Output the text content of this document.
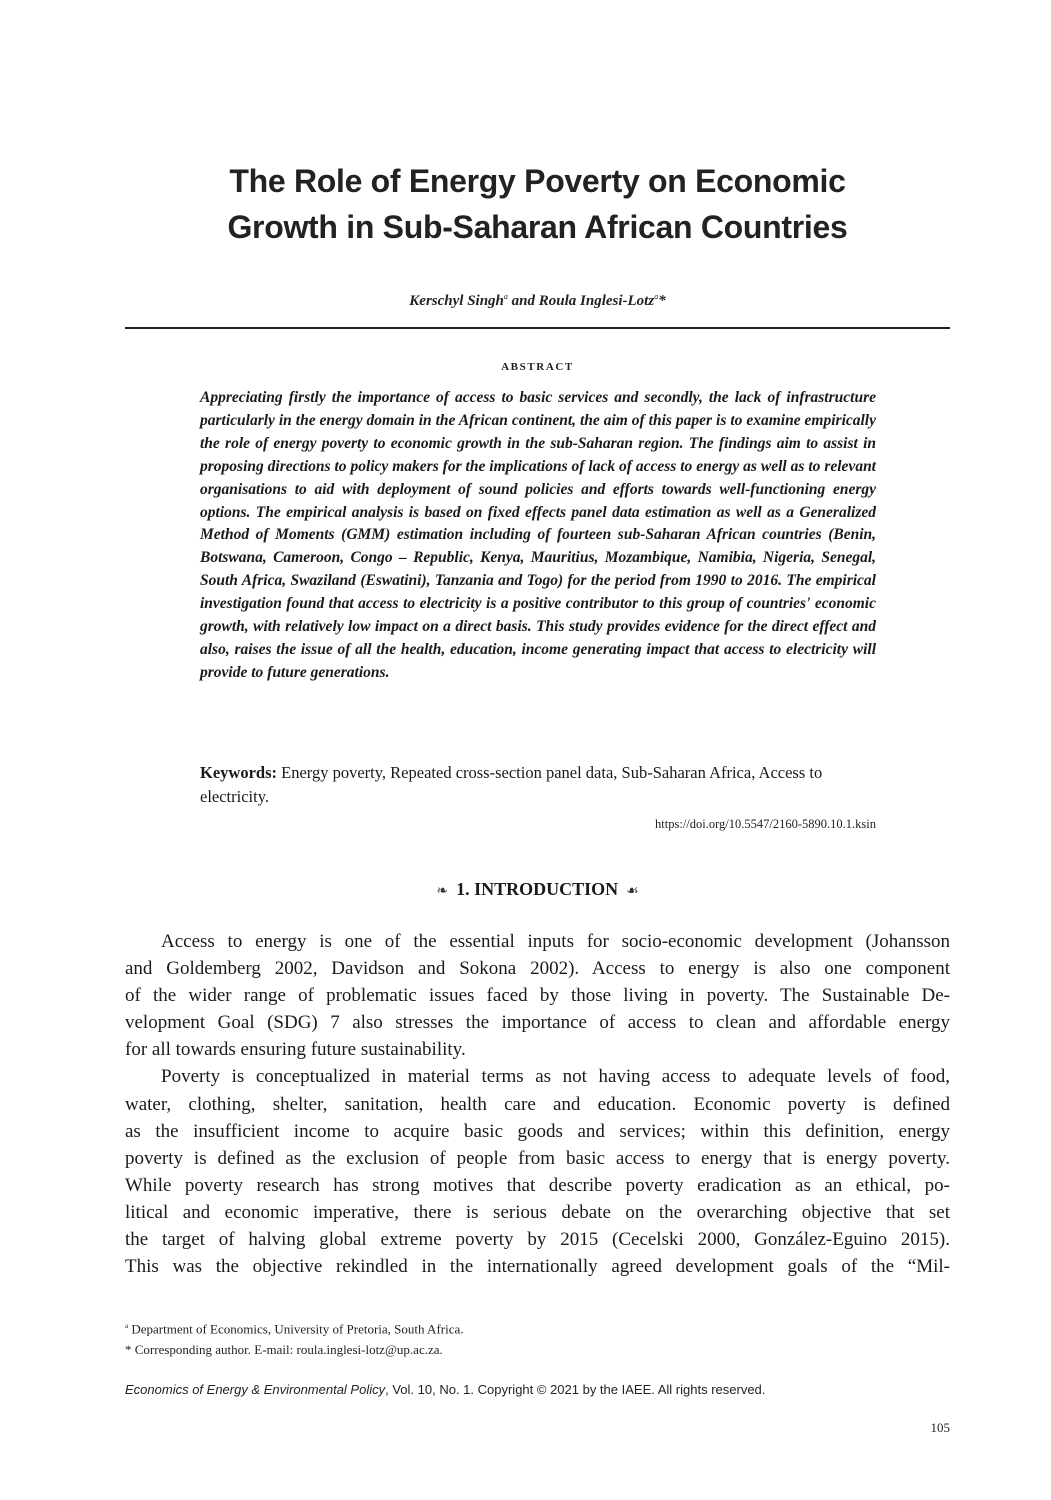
The Role of Energy Poverty on Economic
Growth in Sub-Saharan African Countries
Kerschyl Singh$^a$ and Roula Inglesi-Lotz$^a$*
ABSTRACT
Appreciating firstly the importance of access to basic services and secondly, the lack of infrastructure particularly in the energy domain in the African continent, the aim of this paper is to examine empirically the role of energy poverty to economic growth in the sub-Saharan region. The findings aim to assist in proposing directions to policy makers for the implications of lack of access to energy as well as to relevant organisations to aid with deployment of sound policies and efforts towards well-functioning energy options. The empirical analysis is based on fixed effects panel data estimation as well as a Generalized Method of Moments (GMM) estimation including of fourteen sub-Saharan African countries (Benin, Botswana, Cameroon, Congo – Republic, Kenya, Mauritius, Mozambique, Namibia, Nigeria, Senegal, South Africa, Swaziland (Eswatini), Tanzania and Togo) for the period from 1990 to 2016. The empirical investigation found that access to electricity is a positive contributor to this group of countries' economic growth, with relatively low impact on a direct basis. This study provides evidence for the direct effect and also, raises the issue of all the health, education, income generating impact that access to electricity will provide to future generations.
Keywords: Energy poverty, Repeated cross-section panel data, Sub-Saharan Africa, Access to electricity.
https://doi.org/10.5547/2160-5890.10.1.ksin
❧ 1. INTRODUCTION ☙
Access to energy is one of the essential inputs for socio-economic development (Johansson
and Goldemberg 2002, Davidson and Sokona 2002). Access to energy is also one component
of the wider range of problematic issues faced by those living in poverty. The Sustainable De-
velopment Goal (SDG) 7 also stresses the importance of access to clean and affordable energy
for all towards ensuring future sustainability.
Poverty is conceptualized in material terms as not having access to adequate levels of food,
water, clothing, shelter, sanitation, health care and education. Economic poverty is defined
as the insufficient income to acquire basic goods and services; within this definition, energy
poverty is defined as the exclusion of people from basic access to energy that is energy poverty.
While poverty research has strong motives that describe poverty eradication as an ethical, po-
litical and economic imperative, there is serious debate on the overarching objective that set
the target of halving global extreme poverty by 2015 (Cecelski 2000, González-Eguino 2015).
This was the objective rekindled in the internationally agreed development goals of the “Mil-
$^a$ Department of Economics, University of Pretoria, South Africa.
* Corresponding author. E-mail: roula.inglesi-lotz@up.ac.za.
Economics of Energy & Environmental Policy, Vol. 10, No. 1. Copyright © 2021 by the IAEE. All rights reserved.
105
